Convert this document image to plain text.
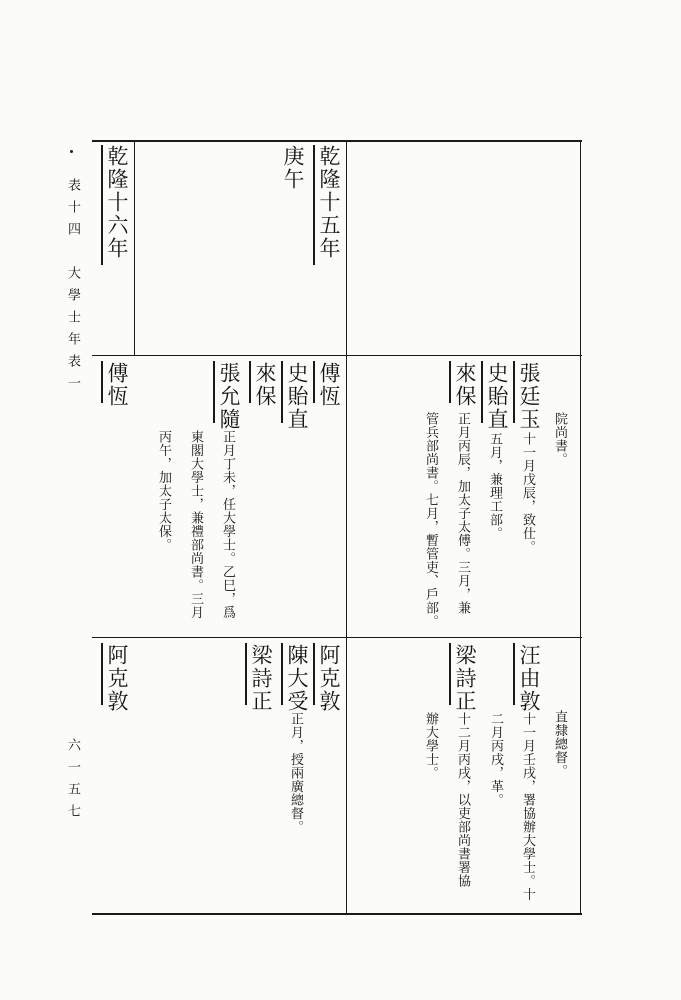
表十四　大學士年表一
六一五七
乾隆十六年	乾隆十五年
庚午
院尚書。
張廷玉
十一月戊辰，致仕。
史貽直
五月，兼理工部。
來保
正月丙辰，加太子太傅。三月，兼
管兵部尚書。七月，暫管吏、戶部。
直隸總督。
汪由敦
十一月壬戌，署協辦大學士。十
二月丙戌，革。
梁詩正
十二月丙戌，以吏部尚書署協
辦大學士。
傅恆
史貽直
來保
張允隨
正月丁未，任大學士。乙巳，爲
東閣大學士，兼禮部尚書。三月
丙午，加太子太保。
阿克敦
陳大受
正月，授兩廣總督。
梁詩正
傅恆
阿克敦
